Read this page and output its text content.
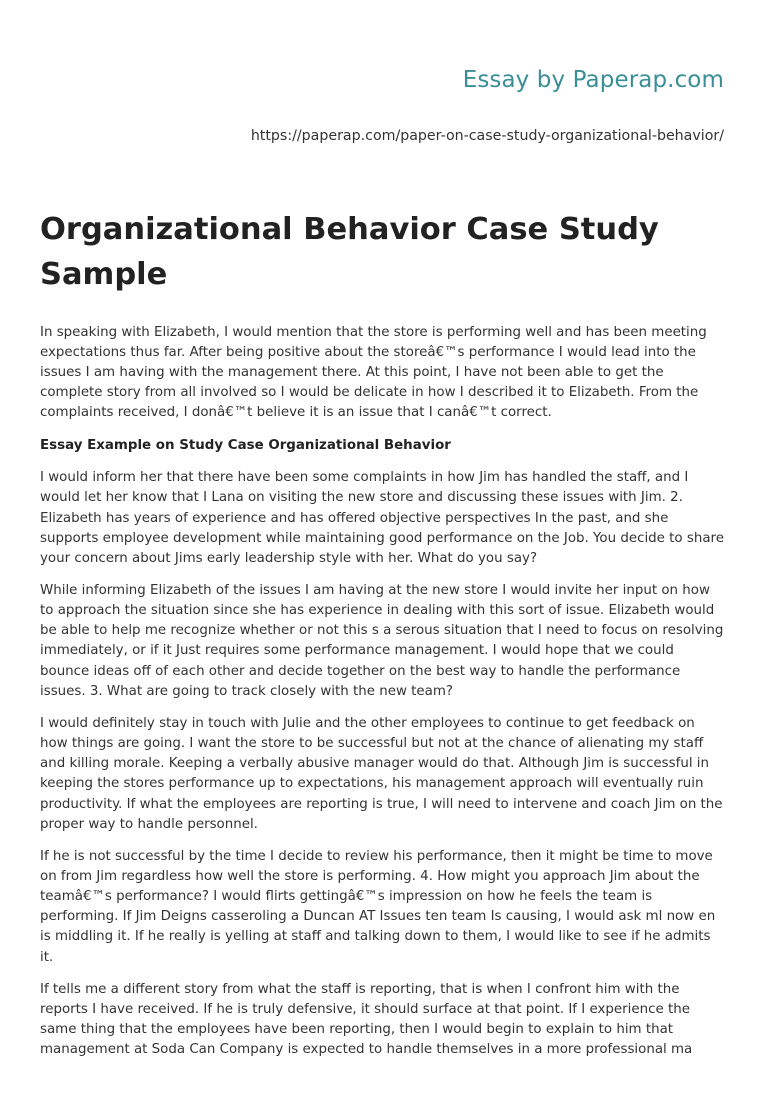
Essay by Paperap.com
https://paperap.com/paper-on-case-study-organizational-behavior/
Organizational Behavior Case Study Sample

In speaking with Elizabeth, I would mention that the store is performing well and has been meeting expectations thus far. After being positive about the storeâ€™s performance I would lead into the issues I am having with the management there. At this point, I have not been able to get the complete story from all involved so I would be delicate in how I described it to Elizabeth. From the complaints received, I donâ€™t believe it is an issue that I canâ€™t correct.

Essay Example on Study Case Organizational Behavior

I would inform her that there have been some complaints in how Jim has handled the staff, and I would let her know that I Lana on visiting the new store and discussing these issues with Jim. 2. Elizabeth has years of experience and has offered objective perspectives In the past, and she supports employee development while maintaining good performance on the Job. You decide to share your concern about Jims early leadership style with her. What do you say?

While informing Elizabeth of the issues I am having at the new store I would invite her input on how to approach the situation since she has experience in dealing with this sort of issue. Elizabeth would be able to help me recognize whether or not this s a serous situation that I need to focus on resolving immediately, or if it Just requires some performance management. I would hope that we could bounce ideas off of each other and decide together on the best way to handle the performance issues. 3. What are going to track closely with the new team?

I would definitely stay in touch with Julie and the other employees to continue to get feedback on how things are going. I want the store to be successful but not at the chance of alienating my staff and killing morale. Keeping a verbally abusive manager would do that. Although Jim is successful in keeping the stores performance up to expectations, his management approach will eventually ruin productivity. If what the employees are reporting is true, I will need to intervene and coach Jim on the proper way to handle personnel.

If he is not successful by the time I decide to review his performance, then it might be time to move on from Jim regardless how well the store is performing. 4. How might you approach Jim about the teamâ€™s performance? I would flirts gettingâ€™s impression on how he feels the team is performing. If Jim Deigns casseroling a Duncan AT Issues ten team Is causing, I would ask ml now en is middling it. If he really is yelling at staff and talking down to them, I would like to see if he admits it.

If tells me a different story from what the staff is reporting, that is when I confront him with the reports I have received. If he is truly defensive, it should surface at that point. If I experience the same thing that the employees have been reporting, then I would begin to explain to him that management at Soda Can Company is expected to handle themselves in a more professional ma
